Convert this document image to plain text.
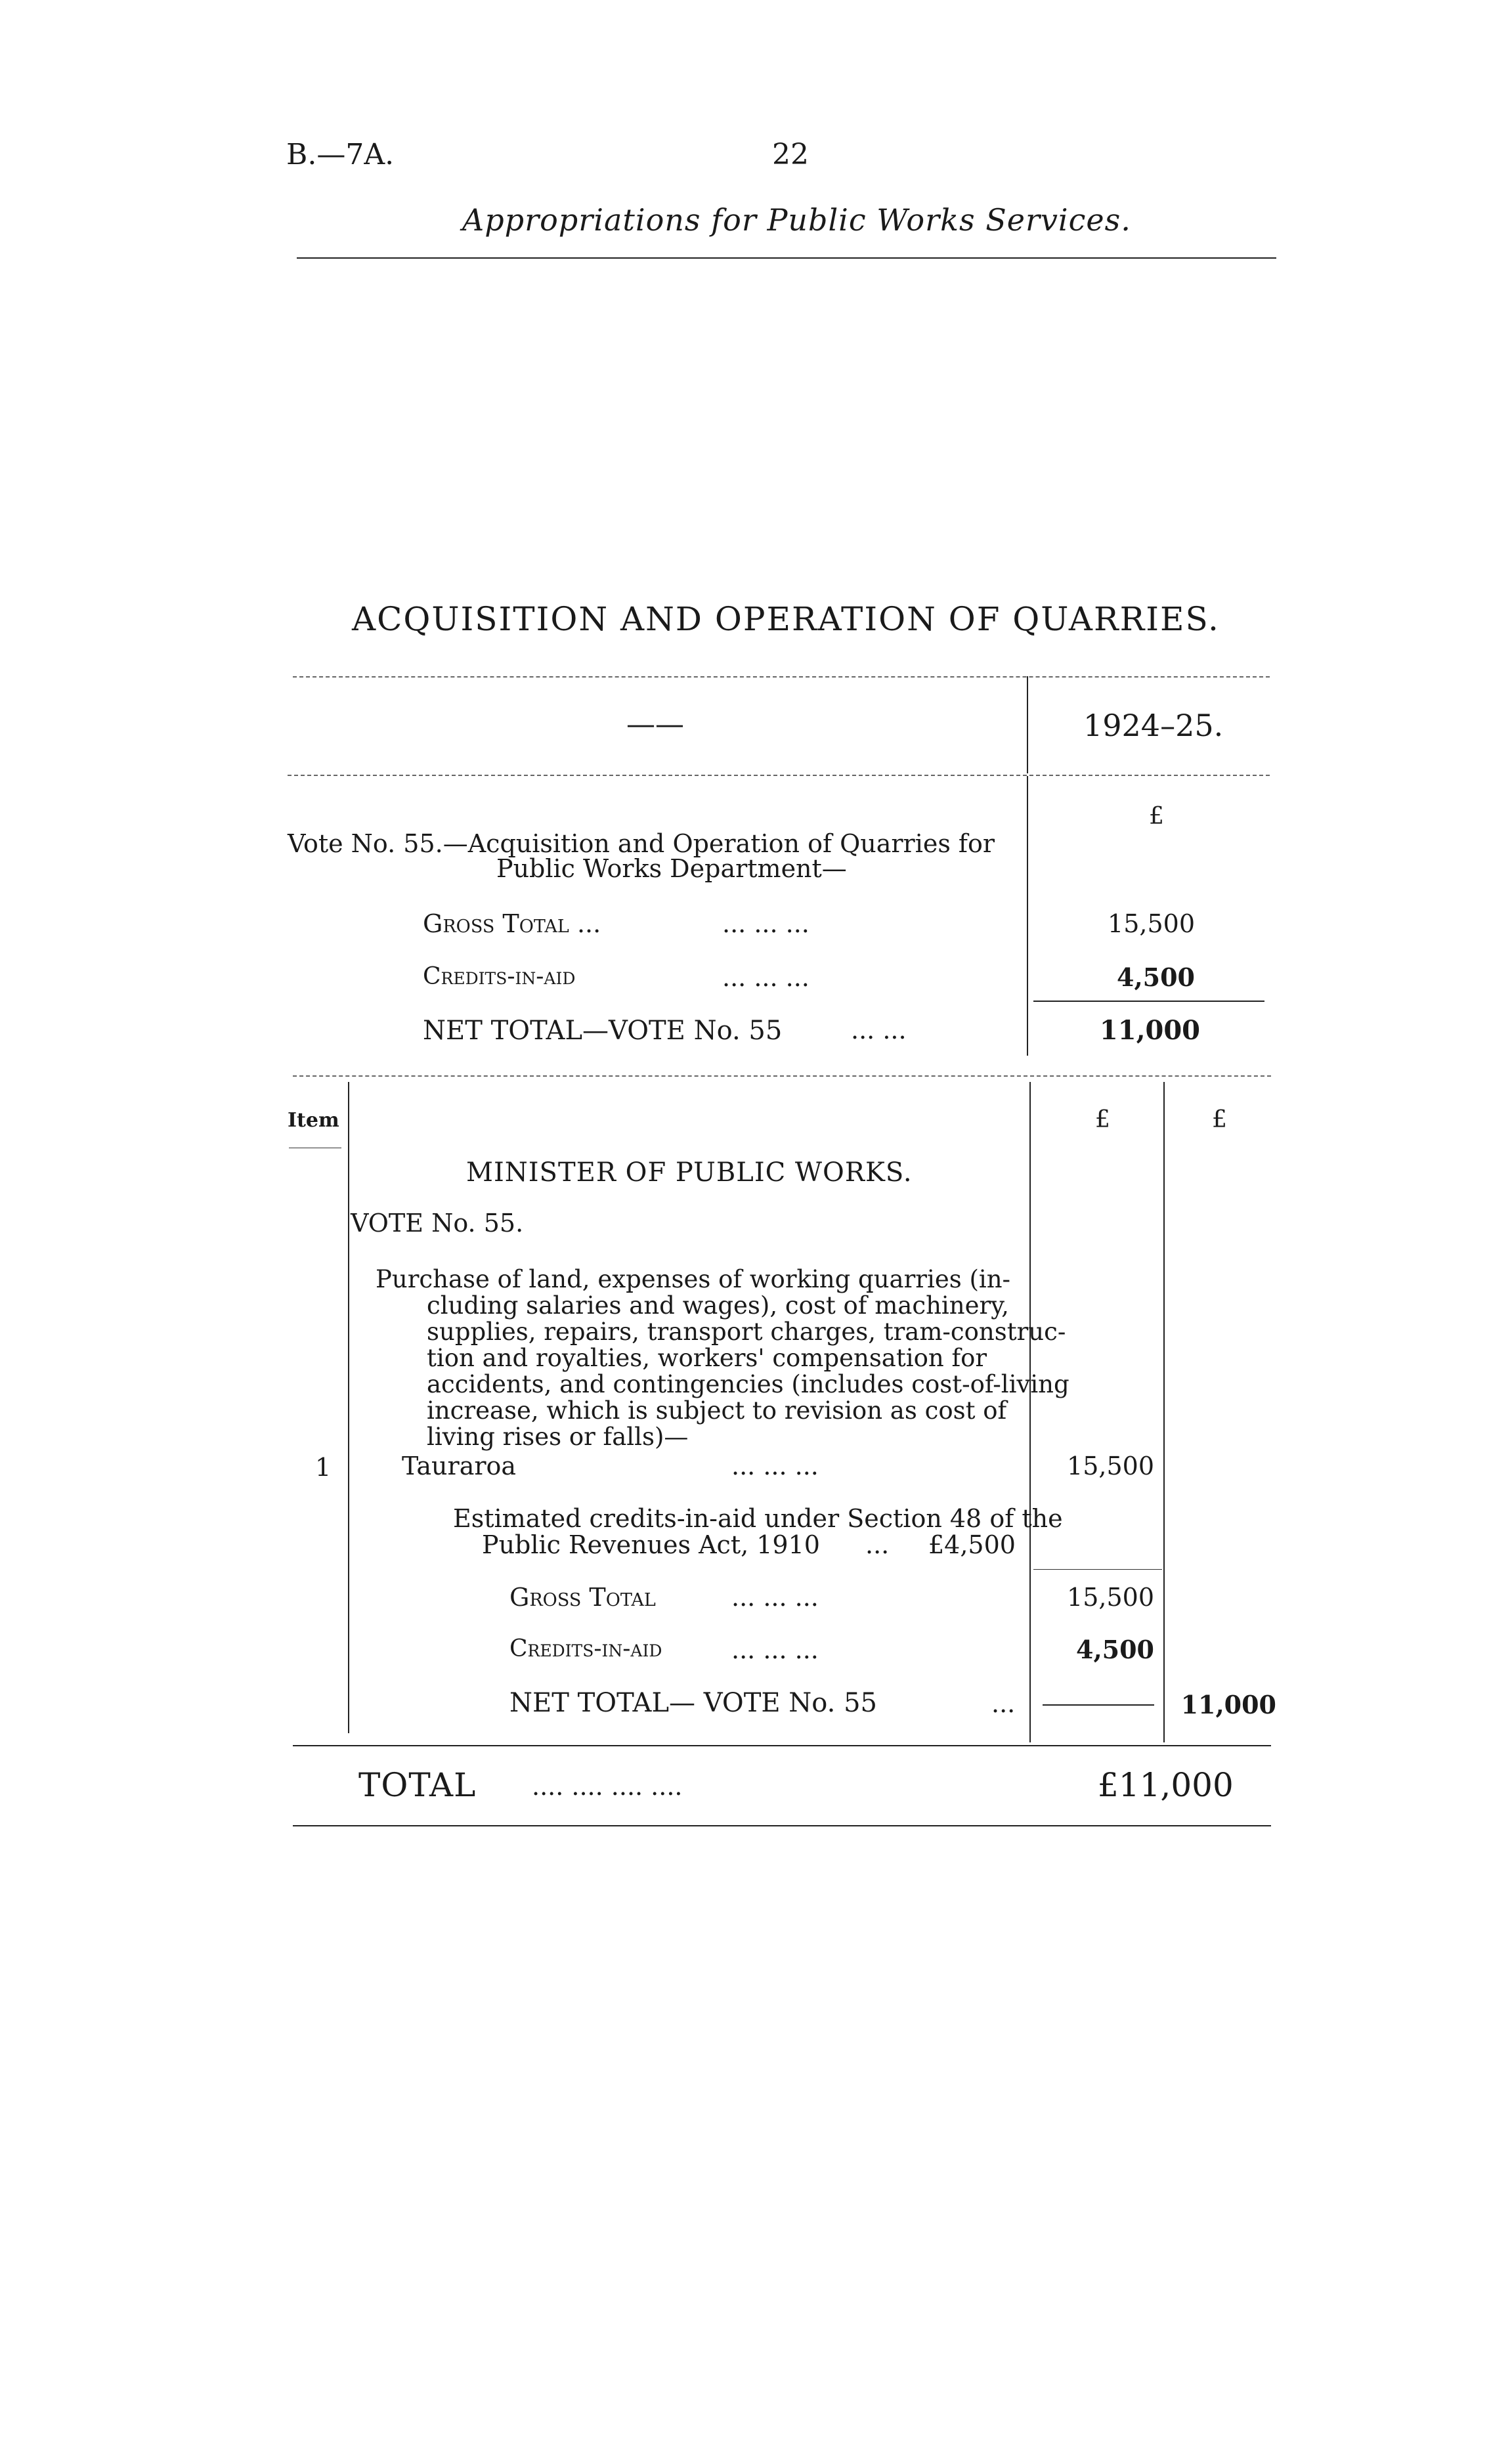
B.—7A.	22
Appropriations for Public Works Services.
ACQUISITION AND OPERATION OF QUARRIES.
——	1924–25.
£
Vote No. 55.—Acquisition and Operation of Quarries for
Public Works Department—
Gross Total ...	... ... ...	15,500
Credits-in-aid	... ... ...	4,500
NET TOTAL—VOTE No. 55	... ...	11,000
Item	£	£
MINISTER OF PUBLIC WORKS.
VOTE No. 55.
Purchase of land, expenses of working quarries (in-
cluding salaries and wages), cost of machinery,
supplies, repairs, transport charges, tram-construc-
tion and royalties, workers' compensation for
accidents, and contingencies (includes cost-of-living
increase, which is subject to revision as cost of
living rises or falls)—
1	Tauraroa	... ... ...	15,500
Estimated credits-in-aid under Section 48 of the
Public Revenues Act, 1910 ... £4,500
Gross Total	... ... ...	15,500
Credits-in-aid	... ... ...	4,500
NET TOTAL— VOTE No. 55	...	11,000
TOTAL .... .... .... ....	£11,000
